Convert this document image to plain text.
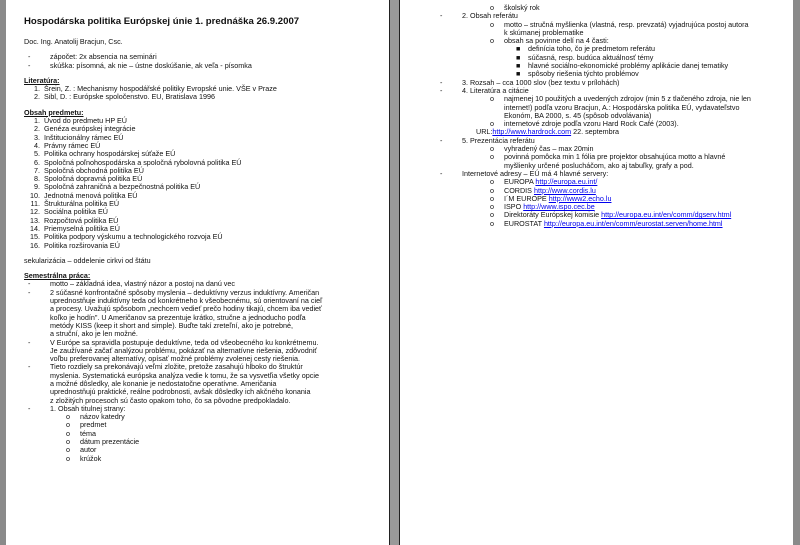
Hospodárska politika Európskej únie 1. prednáška 26.9.2007
Doc. Ing. Anatolij Bracjun, Csc.
-	zápočet: 2x absencia na seminári
-	skúška: písomná, ak nie – ústne doskúšanie, ak veľa - písomka
Literatúra:
1. Šrein, Z. : Mechanismy hospodářské politiky Evropské unie. VŠE v Praze
2. Sibl, D. : Európske spoločenstvo. EU, Bratislava 1996
Obsah predmetu:
1. Úvod do predmetu HP EÚ
2. Genéza európskej integrácie
3. Inštitucionálny rámec EÚ
4. Právny rámec EÚ
5. Politika ochrany hospodárskej súťaže EÚ
6. Spoločná poľnohospodárska a spoločná rybolovná politika EÚ
7. Spoločná obchodná politika EÚ
8. Spoločná dopravná politika EÚ
9. Spoločná zahraničná a bezpečnostná politika EÚ
10. Jednotná menová politika EÚ
11. Štrukturálna politika EÚ
12. Sociálna politika EÚ
13. Rozpočtová politika EÚ
14. Priemyselná politika EÚ
15. Politika podpory výskumu a technologického rozvoja EÚ
16. Politika rozširovania EÚ
sekularizácia – oddelenie cirkvi od štátu
Semestrálna práca:
-	motto – základná idea, vlastný názor a postoj na danú vec
-	2 súčasné konfrontačné spôsoby myslenia – deduktívny verzus induktívny. Američan
uprednostňuje induktívny teda od konkrétneho k všeobecnému, sú orientovaní na cieľ
a procesy. Uvažujú spôsobom „nechcem vedieť prečo hodiny tikajú, chcem iba vedieť
koľko je hodín". U Američanov sa prezentuje krátko, stručne a jednoducho podľa
metódy KISS (keep it short and simple). Buďte takí zreteľní, ako je potrebné,
a struční, ako je len možné.
-	V Európe sa spravidla postupuje deduktívne, teda od všeobecného ku konkrétnemu.
Je zaužívané začať analýzou problému, pokázať na alternatívne riešenia, zdôvodniť
voľbu preferovanej alternatívy, opísať možné problémy zvolenej cesty riešenia.
-	Tieto rozdiely sa prekonávajú veľmi zložite, pretože zasahujú hlboko do štruktúr
myslenia. Systematická európska analýza vedie k tomu, že sa vysvetľia všetky opcie
a možné dôsledky, ale konanie je nedostatočne operatívne. Američania
uprednostňujú praktické, reálne podrobnosti, avšak dôsledky ich akčného konania
z zložitých procesoch sú často opakom toho, čo sa pôvodne predpokladalo.
-	1. Obsah titulnej strany:
o	názov katedry
o	predmet
o	téma
o	dátum prezentácie
o	autor
o	krúžok
o	školský rok
-	2. Obsah referátu
o	motto – stručná myšlienka (vlastná, resp. prevzatá) vyjadrujúca postoj autora
k skúmanej problematike
o	obsah sa povinne delí na 4 časti:
■	definícia toho, čo je predmetom referátu
■	súčasná, resp. budúca aktuálnosť témy
■	hlavné sociálno-ekonomické problémy aplikácie danej tematiky
■	spôsoby riešenia týchto problémov
-	3. Rozsah – cca 1000 slov (bez textu v prílohách)
-	4. Literatúra a citácie
o	najmenej 10 použitých a uvedených zdrojov (min 5 z tlačeného zdroja, nie len
internet!) podľa vzoru Bracjun, A.: Hospodárska politika EÚ, vydavateľstvo
Ekonóm, BA 2000, s. 45 (spôsob odvolávania)
o	internetové zdroje podľa vzoru Hard Rock Café (2003).
URL:http://www.hardrock.com 22. septembra
-	5. Prezentácia referátu
o	vyhradený čas – max 20min
o	povinná pomôcka min 1 fólia pre projektor obsahujúca motto a hlavné
myšlienky určené poslucháčom, ako aj tabuľky, grafy a pod.
-	Internetové adresy – EÚ má 4 hlavné servery:
o	EUROPA http://europa.eu.int/
o	CORDIS http://www.cordis.lu
o	I´M EUROPE http://www2.echo.lu
o	ISPO http://www.ispo.cec.be
o	Direktoráty Európskej komisie http://europa.eu.int/en/comm/dgserv.html
o	EUROSTAT http://europa.eu.int/en/comm/eurostat.serven/home.html
